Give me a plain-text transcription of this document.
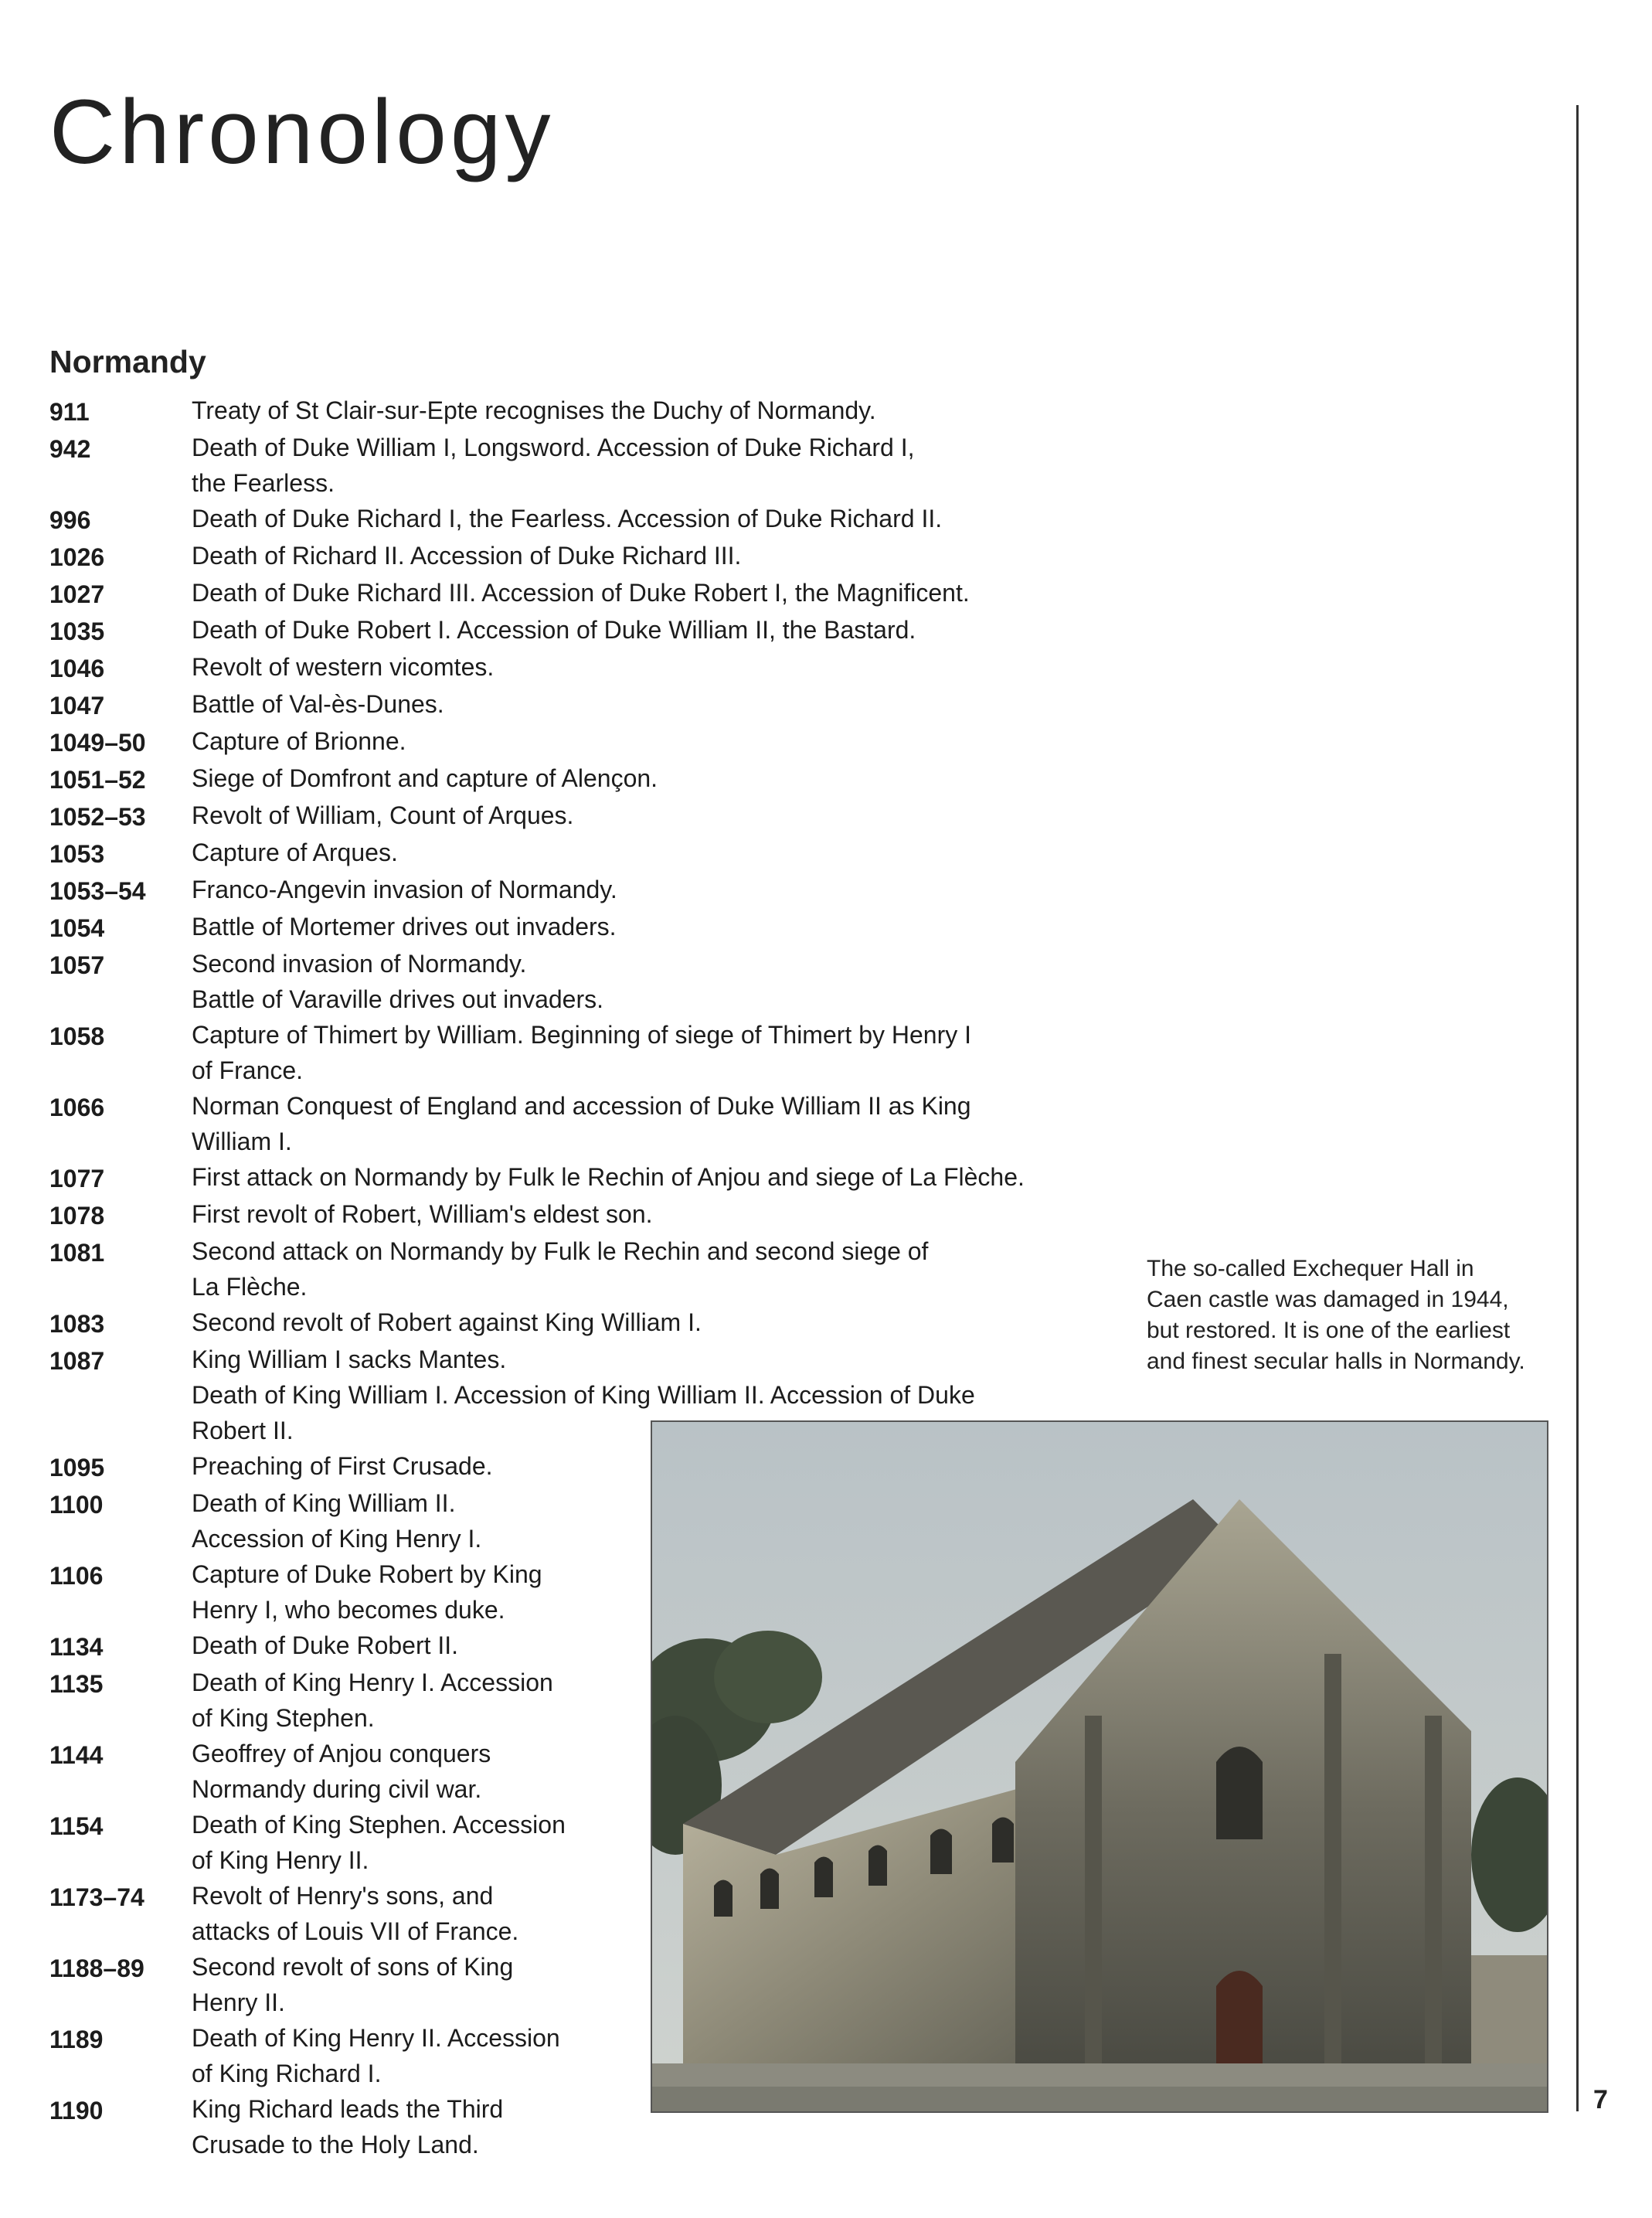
Chronology
Normandy
911	Treaty of St Clair-sur-Epte recognises the Duchy of Normandy.
942	Death of Duke William I, Longsword. Accession of Duke Richard I,
the Fearless.
996	Death of Duke Richard I, the Fearless. Accession of Duke Richard II.
1026	Death of Richard II. Accession of Duke Richard III.
1027	Death of Duke Richard III. Accession of Duke Robert I, the Magnificent.
1035	Death of Duke Robert I. Accession of Duke William II, the Bastard.
1046	Revolt of western vicomtes.
1047	Battle of Val-ès-Dunes.
1049–50	Capture of Brionne.
1051–52	Siege of Domfront and capture of Alençon.
1052–53	Revolt of William, Count of Arques.
1053	Capture of Arques.
1053–54	Franco-Angevin invasion of Normandy.
1054	Battle of Mortemer drives out invaders.
1057	Second invasion of Normandy.
Battle of Varaville drives out invaders.
1058	Capture of Thimert by William. Beginning of siege of Thimert by Henry I
of France.
1066	Norman Conquest of England and accession of Duke William II as King
William I.
1077	First attack on Normandy by Fulk le Rechin of Anjou and siege of La Flèche.
1078	First revolt of Robert, William's eldest son.
1081	Second attack on Normandy by Fulk le Rechin and second siege of
La Flèche.
1083	Second revolt of Robert against King William I.
1087	King William I sacks Mantes.
Death of King William I. Accession of King William II. Accession of Duke
Robert II.
1095	Preaching of First Crusade.
1100	Death of King William II.
Accession of King Henry I.
1106	Capture of Duke Robert by King
Henry I, who becomes duke.
1134	Death of Duke Robert II.
1135	Death of King Henry I. Accession
of King Stephen.
1144	Geoffrey of Anjou conquers
Normandy during civil war.
1154	Death of King Stephen. Accession
of King Henry II.
1173–74	Revolt of Henry's sons, and
attacks of Louis VII of France.
1188–89	Second revolt of sons of King
Henry II.
1189	Death of King Henry II. Accession
of King Richard I.
1190	King Richard leads the Third
Crusade to the Holy Land.
The so-called Exchequer Hall in
Caen castle was damaged in 1944,
but restored. It is one of the earliest
and finest secular halls in Normandy.
7
